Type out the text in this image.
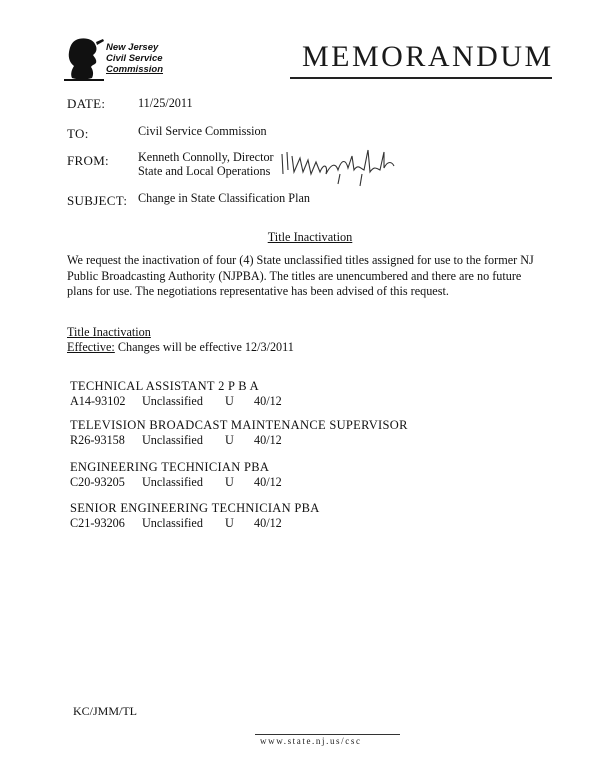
New Jersey
Civil Service
Commission	MEMORANDUM
DATE:	11/25/2011
TO:	Civil Service Commission
FROM: Kenneth Connolly, Director
State and Local Operations
SUBJECT: Change in State Classification Plan
Title Inactivation
We request the inactivation of four (4) State unclassified titles assigned for use to the former NJ Public Broadcasting Authority (NJPBA). The titles are unencumbered and there are no future plans for use. The negotiations representative has been advised of this request.
Title Inactivation
Effective: Changes will be effective 12/3/2011
TECHNICAL ASSISTANT 2 P B A
A14-93102 Unclassified U 40/12
TELEVISION BROADCAST MAINTENANCE SUPERVISOR
R26-93158 Unclassified U 40/12
ENGINEERING TECHNICIAN PBA
C20-93205 Unclassified U 40/12
SENIOR ENGINEERING TECHNICIAN PBA
C21-93206 Unclassified U 40/12
KC/JMM/TL
www.state.nj.us/csc
